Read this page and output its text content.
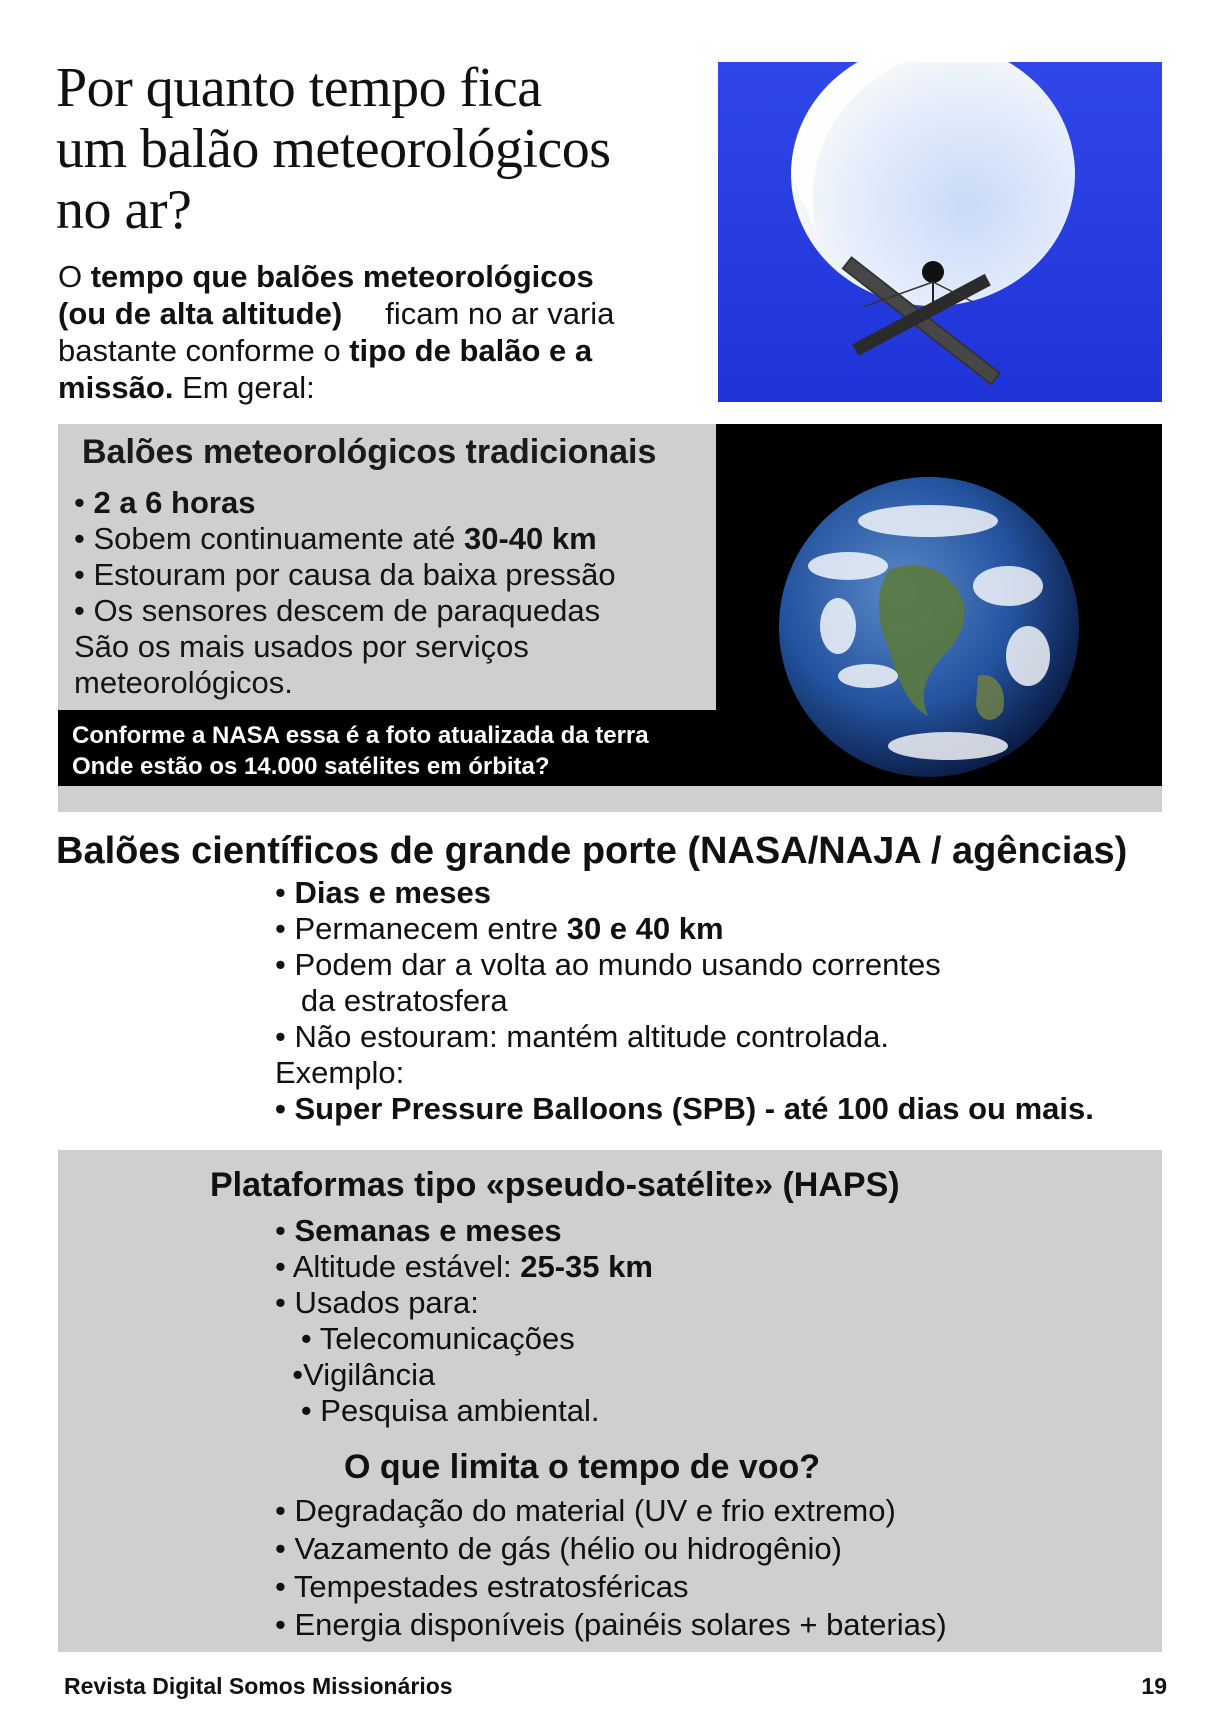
Por quanto tempo fica
um balão meteorológicos
no ar?
O tempo que balões meteorológicos
(ou de alta altitude)     ficam no ar varia
bastante conforme o tipo de balão e a
missão. Em geral:
Balões meteorológicos tradicionais
• 2 a 6 horas
• Sobem continuamente até 30-40 km
• Estouram por causa da baixa pressão
• Os sensores descem de paraquedas
São os mais usados por serviços
meteorológicos.
Conforme a NASA essa é a foto atualizada da terra
Onde estão os 14.000 satélites em órbita?
Balões científicos de grande porte (NASA/NAJA / agências)
• Dias e meses
• Permanecem entre 30 e 40 km
• Podem dar a volta ao mundo usando correntes
da estratosfera
• Não estouram: mantém altitude controlada.
Exemplo:
• Super Pressure Balloons (SPB) - até 100 dias ou mais.
Plataformas tipo «pseudo-satélite» (HAPS)
• Semanas e meses
• Altitude estável: 25-35 km
• Usados para:
• Telecomunicações
•Vigilância
• Pesquisa ambiental.
O que limita o tempo de voo?
• Degradação do material (UV e frio extremo)
• Vazamento de gás (hélio ou hidrogênio)
• Tempestades estratosféricas
• Energia disponíveis (painéis solares + baterias)
Revista Digital Somos Missionários	19
